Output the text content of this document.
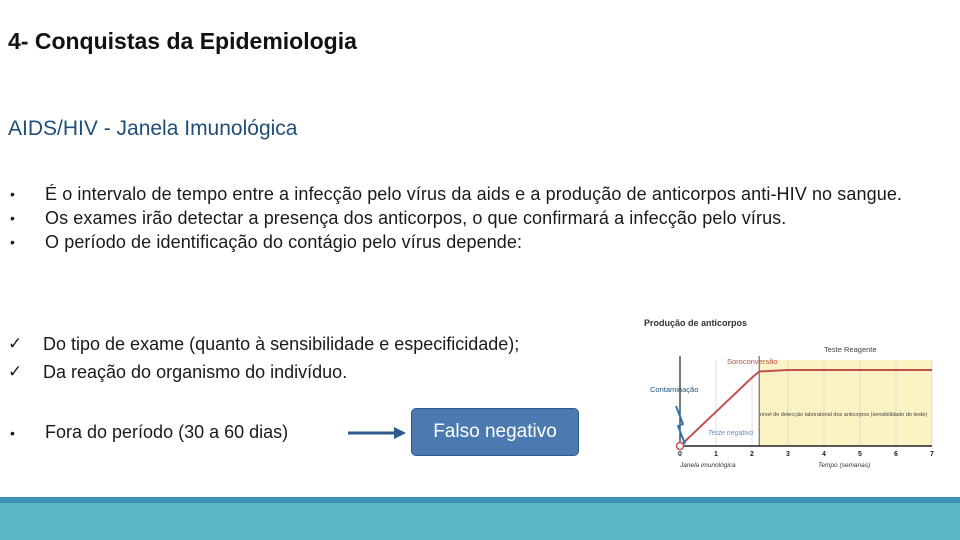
4- Conquistas da Epidemiologia
AIDS/HIV - Janela Imunológica
•	É o intervalo de tempo entre a infecção pelo vírus da aids e a produção de anticorpos anti-HIV no sangue.
•	Os exames irão detectar a presença dos anticorpos, o que confirmará a infecção pelo vírus.
•	O período de identificação do contágio pelo vírus depende:
✓	Do tipo de exame (quanto à sensibilidade e especificidade);
✓	Da reação do organismo do indivíduo.
•	Fora do período (30 a 60 dias)	Falso negativo
Produção de anticorpos
0	1	2	3	4	5	6	7
Soroconversão
Teste Reagente
Contaminação
Teste negativo
nível de detecção laboratorial dos anticorpos (sensibilidade do teste)
Janela imunológica	Tempo (semanas)
